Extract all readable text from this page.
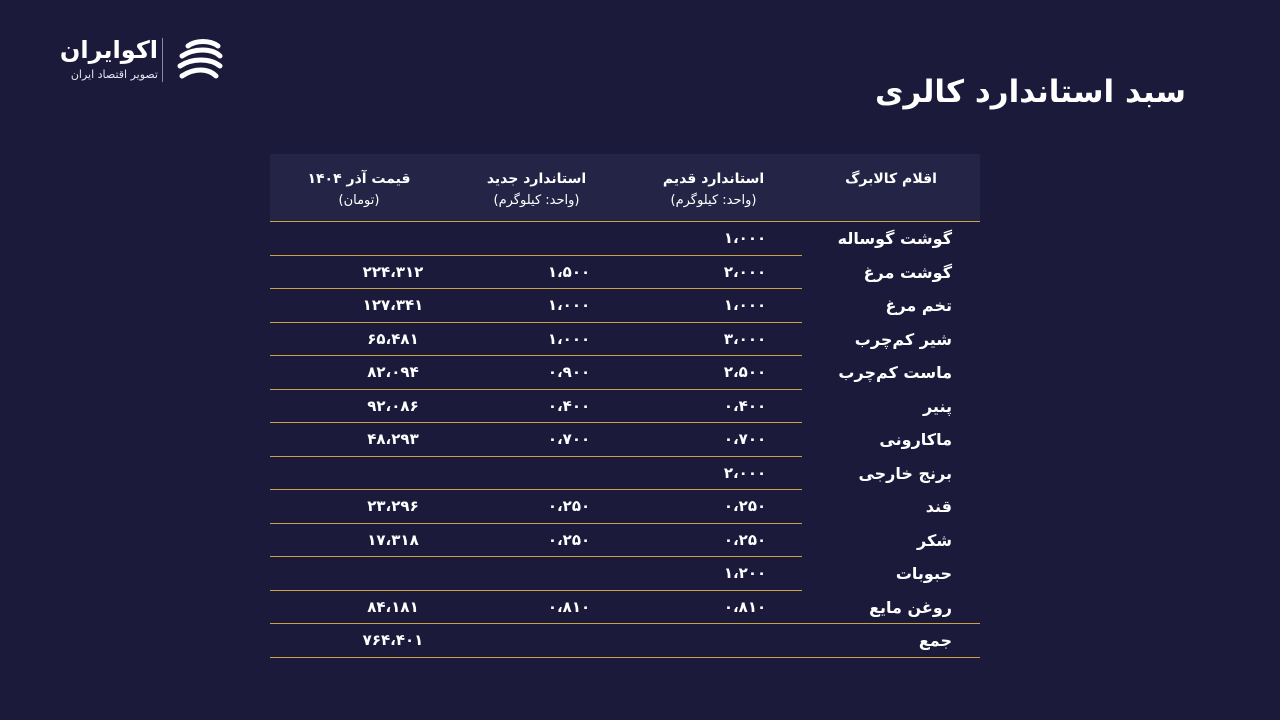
اکوایران
تصویر اقتصاد ایران	سبد استاندارد کالری
اقلام کالابرگ
استاندارد قدیم
(واحد: کیلوگرم)
استاندارد جدید
(واحد: کیلوگرم)
قیمت آذر ۱۴۰۴
(تومان)
گوشت گوساله
۱،۰۰۰
گوشت مرغ
۲،۰۰۰
۱،۵۰۰
۲۲۴،۳۱۲
تخم مرغ
۱،۰۰۰
۱،۰۰۰
۱۲۷،۳۴۱
شیر کم‌چرب
۳،۰۰۰
۱،۰۰۰
۶۵،۴۸۱
ماست کم‌چرب
۲،۵۰۰
۰،۹۰۰
۸۲،۰۹۴
پنیر
۰،۴۰۰
۰،۴۰۰
۹۲،۰۸۶
ماکارونی
۰،۷۰۰
۰،۷۰۰
۴۸،۲۹۳
برنج خارجی
۲،۰۰۰
قند
۰،۲۵۰
۰،۲۵۰
۲۳،۲۹۶
شکر
۰،۲۵۰
۰،۲۵۰
۱۷،۳۱۸
حبوبات
۱،۲۰۰
روغن مایع
۰،۸۱۰
۰،۸۱۰
۸۴،۱۸۱
جمع
۷۶۴،۴۰۱
